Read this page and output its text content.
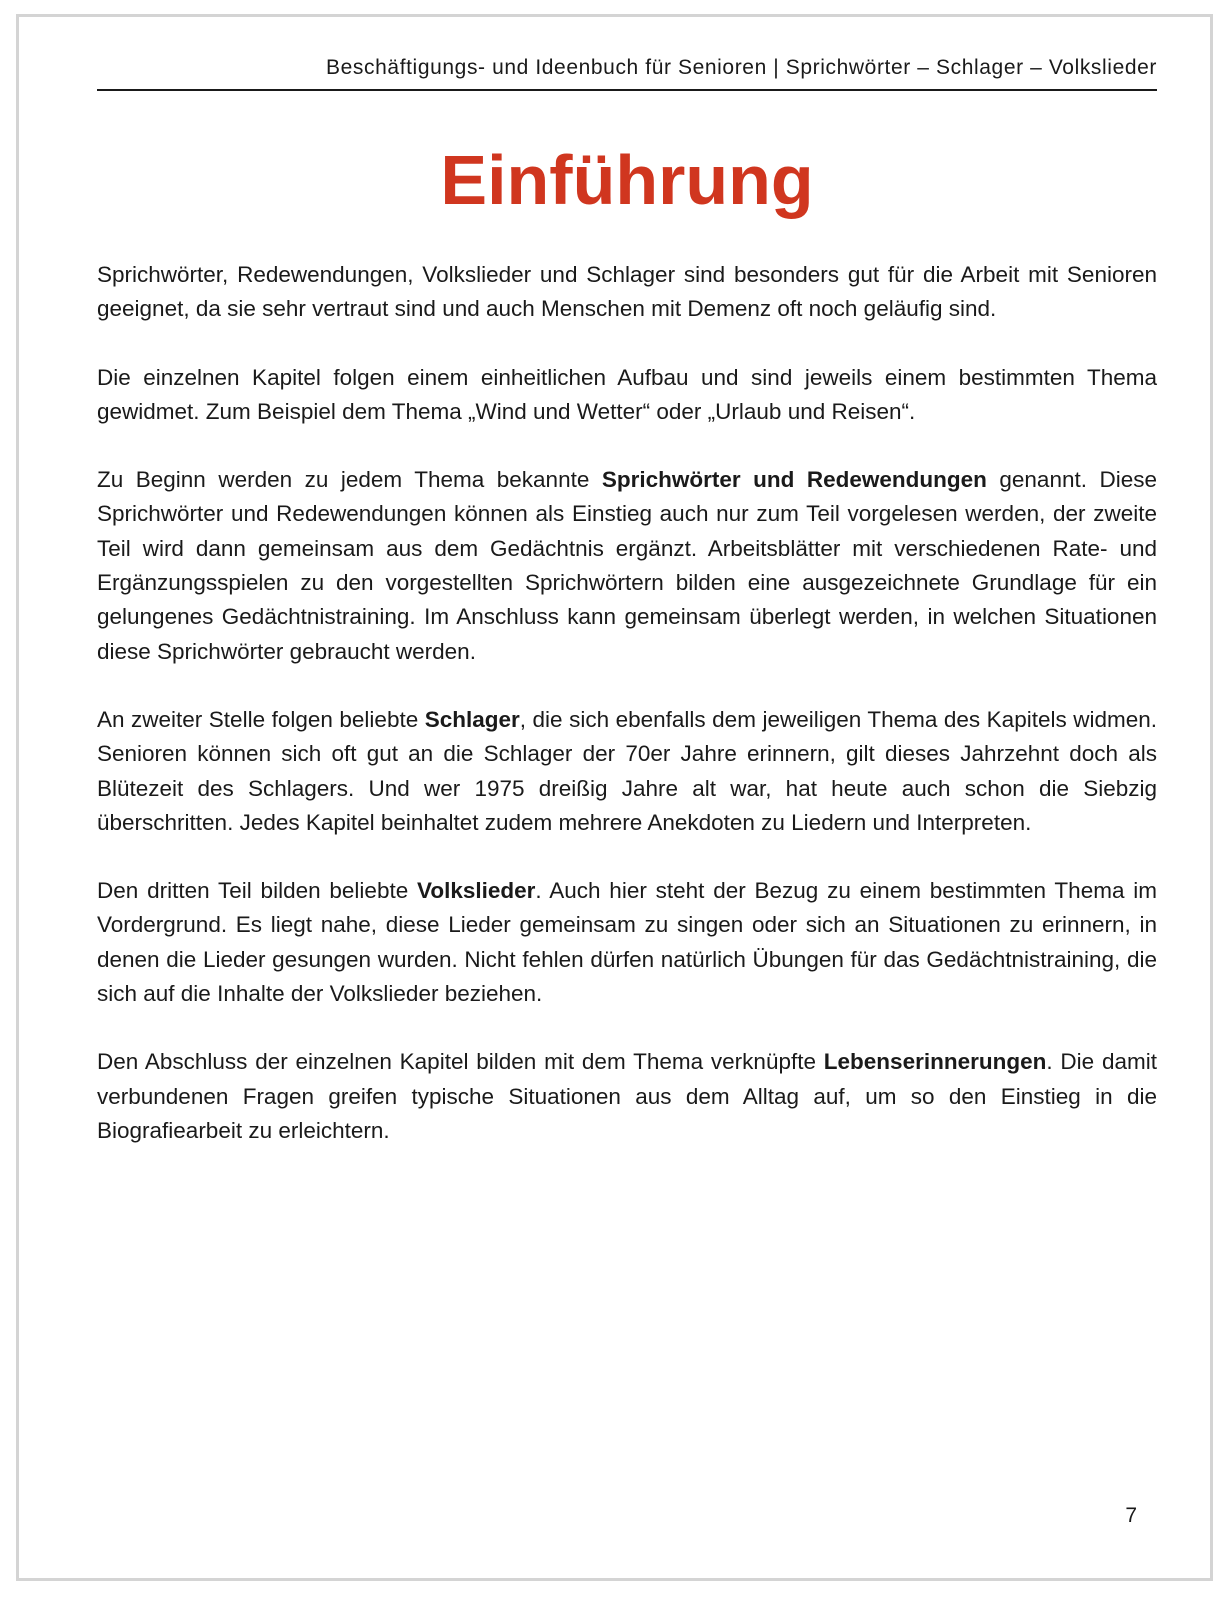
Beschäftigungs- und Ideenbuch für Senioren | Sprichwörter – Schlager – Volkslieder
Einführung

Sprichwörter, Redewendungen, Volkslieder und Schlager sind besonders gut für die Arbeit mit Senioren geeignet, da sie sehr vertraut sind und auch Menschen mit Demenz oft noch geläufig sind.

Die einzelnen Kapitel folgen einem einheitlichen Aufbau und sind jeweils einem bestimmten Thema gewidmet. Zum Beispiel dem Thema „Wind und Wetter“ oder „Urlaub und Reisen“.

Zu Beginn werden zu jedem Thema bekannte Sprichwörter und Redewendungen genannt. Diese Sprichwörter und Redewendungen können als Einstieg auch nur zum Teil vorgelesen werden, der zweite Teil wird dann gemeinsam aus dem Gedächtnis ergänzt. Arbeitsblätter mit verschiedenen Rate- und Ergänzungsspielen zu den vorgestellten Sprichwörtern bilden eine ausgezeichnete Grundlage für ein gelungenes Gedächtnistraining. Im Anschluss kann gemeinsam überlegt werden, in welchen Situationen diese Sprichwörter gebraucht werden.

An zweiter Stelle folgen beliebte Schlager, die sich ebenfalls dem jeweiligen Thema des Kapitels widmen. Senioren können sich oft gut an die Schlager der 70er Jahre erinnern, gilt dieses Jahrzehnt doch als Blütezeit des Schlagers. Und wer 1975 dreißig Jahre alt war, hat heute auch schon die Siebzig überschritten. Jedes Kapitel beinhaltet zudem mehrere Anekdoten zu Liedern und Interpreten.

Den dritten Teil bilden beliebte Volkslieder. Auch hier steht der Bezug zu einem bestimmten Thema im Vordergrund. Es liegt nahe, diese Lieder gemeinsam zu singen oder sich an Situationen zu erinnern, in denen die Lieder gesungen wurden. Nicht fehlen dürfen natürlich Übungen für das Gedächtnistraining, die sich auf die Inhalte der Volkslieder beziehen.

Den Abschluss der einzelnen Kapitel bilden mit dem Thema verknüpfte Lebenserinnerungen. Die damit verbundenen Fragen greifen typische Situationen aus dem Alltag auf, um so den Einstieg in die Biografiearbeit zu erleichtern.

7
